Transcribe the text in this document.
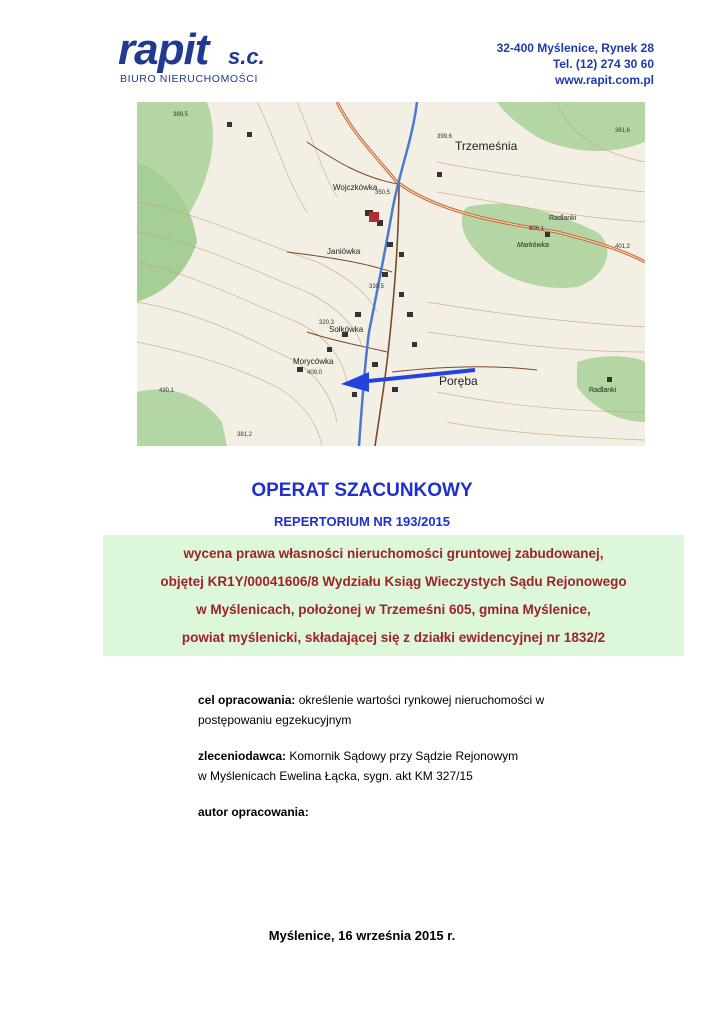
rapit s.c.
BIURO NIERUCHOMOŚCI
32-400 Myślenice, Rynek 28
Tel. (12) 274 30 60
www.rapit.com.pl
Trzemeśnia
Wojczkówka
Janiówka
Sołkówka
Morycówka
Poręba
Radlanki
Markówka
Radlanki
389,5
361,6
350,5
330,5
320,3
409,0
430,1
399,6
381,2
401,2
606,1
OPERAT SZACUNKOWY
REPERTORIUM NR 193/2015
wycena prawa własności nieruchomości gruntowej zabudowanej,
objętej KR1Y/00041606/8 Wydziału Ksiąg Wieczystych Sądu Rejonowego
w Myślenicach, położonej w Trzemeśni 605, gmina Myślenice,
powiat myślenicki, składającej się z działki ewidencyjnej nr 1832/2
cel opracowania: określenie wartości rynkowej nieruchomości w
postępowaniu egzekucyjnym
zleceniodawca: Komornik Sądowy przy Sądzie Rejonowym
w Myślenicach Ewelina Łącka, sygn. akt KM 327/15
autor opracowania:
Myślenice, 16 września 2015 r.
